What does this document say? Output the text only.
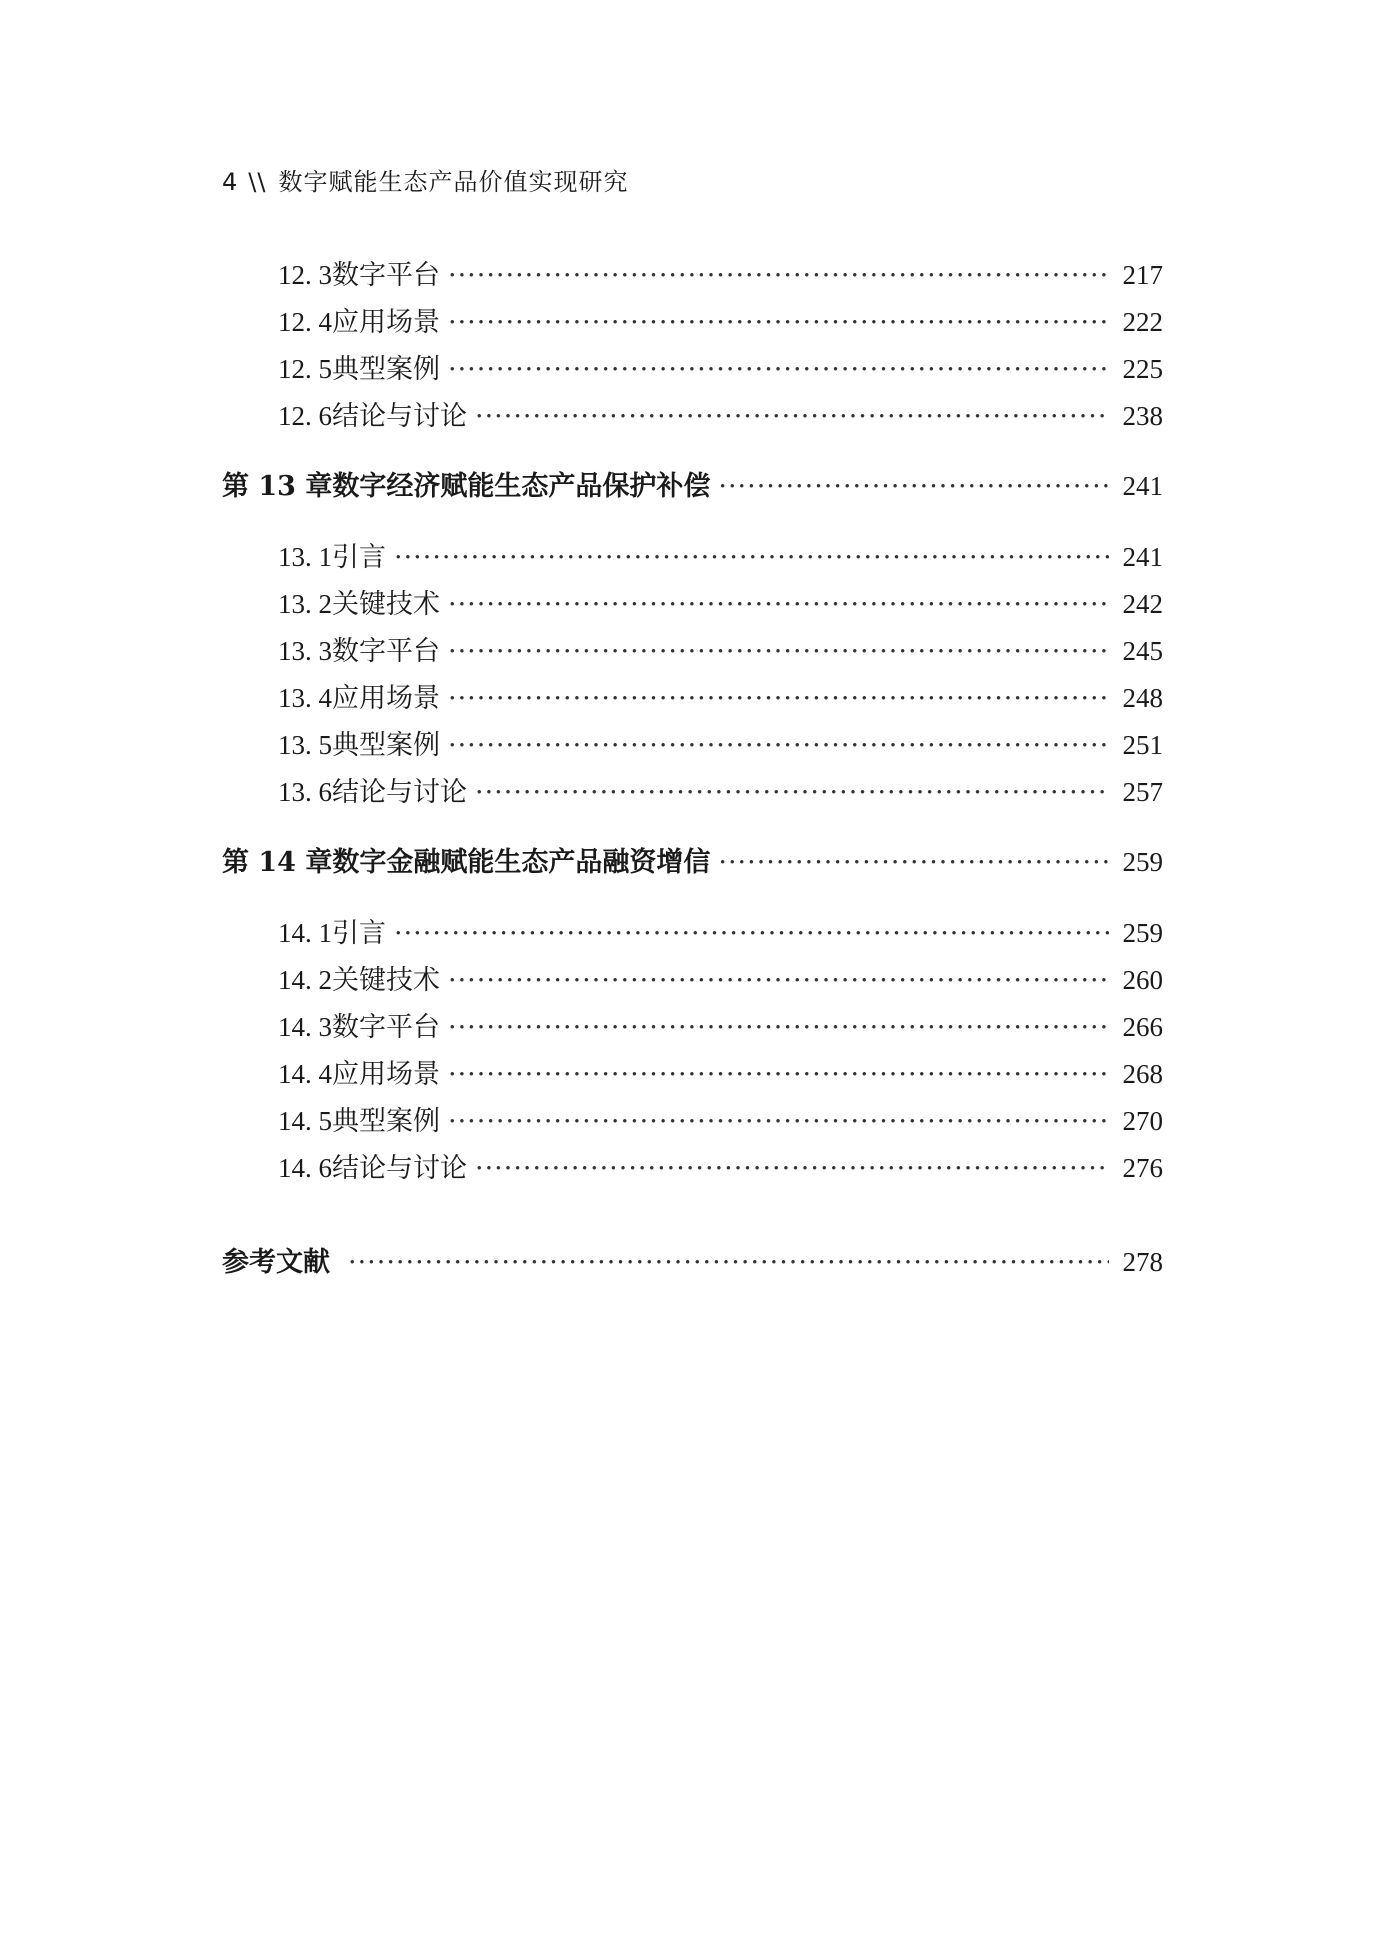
4 \\ 数字赋能生态产品价值实现研究
12. 3 数字平台 ·····	217
12. 4 应用场景 ·····	222
12. 5 典型案例 ·····	225
12. 6 结论与讨论 ·····	238
第 13 章 数字经济赋能生态产品保护补偿 ·····	241
13. 1 引言 ·····	241
13. 2 关键技术 ·····	242
13. 3 数字平台 ·····	245
13. 4 应用场景 ·····	248
13. 5 典型案例 ·····	251
13. 6 结论与讨论 ·····	257
第 14 章 数字金融赋能生态产品融资增信 ·····	259
14. 1 引言 ·····	259
14. 2 关键技术 ·····	260
14. 3 数字平台 ·····	266
14. 4 应用场景 ·····	268
14. 5 典型案例 ·····	270
14. 6 结论与讨论 ·····	276
参考文献 ·····	278
